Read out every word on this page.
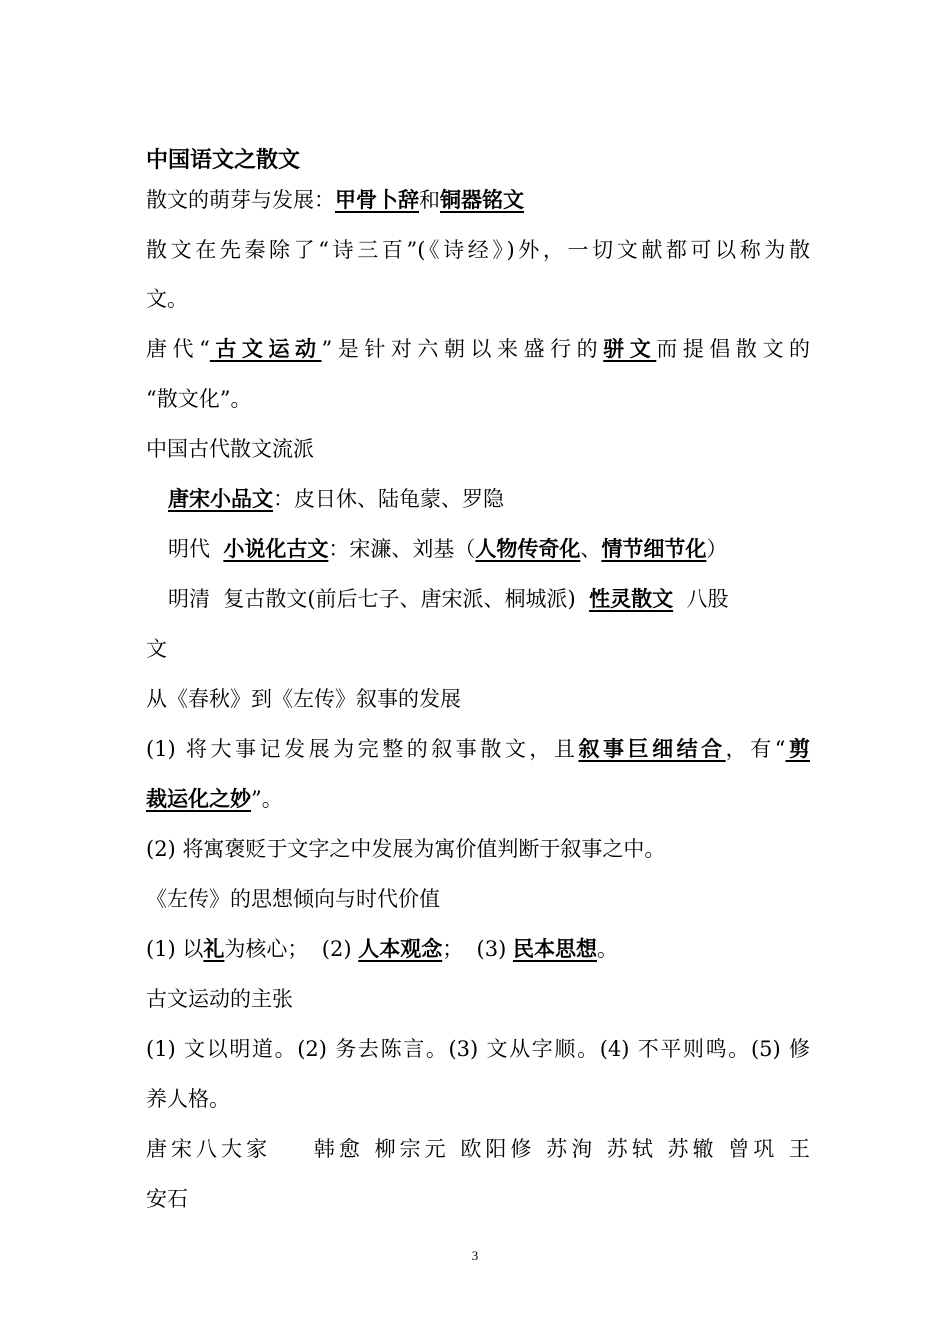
中国语文之散文
散文的萌芽与发展：甲骨卜辞和铜器铭文
散文在先秦除了“诗三百”(《诗经》)外，一切文献都可以称为散
文。
唐代“古文运动”是针对六朝以来盛行的骈文而提倡散文的
“散文化”。
中国古代散文流派
唐宋小品文：皮日休、陆龟蒙、罗隐
明代  小说化古文：宋濂、刘基（人物传奇化、情节细节化）
明清  复古散文(前后七子、唐宋派、桐城派)  性灵散文  八股
文
从《春秋》到《左传》叙事的发展
(1) 将大事记发展为完整的叙事散文，且叙事巨细结合，有“剪
裁运化之妙”。
(2) 将寓褒贬于文字之中发展为寓价值判断于叙事之中。
《左传》的思想倾向与时代价值
(1) 以礼为核心；  (2) 人本观念；  (3) 民本思想。
古文运动的主张
(1) 文以明道。(2) 务去陈言。(3) 文从字顺。(4) 不平则鸣。(5) 修
养人格。
唐宋八大家    韩愈 柳宗元 欧阳修 苏洵 苏轼 苏辙 曾巩 王
安石
3
